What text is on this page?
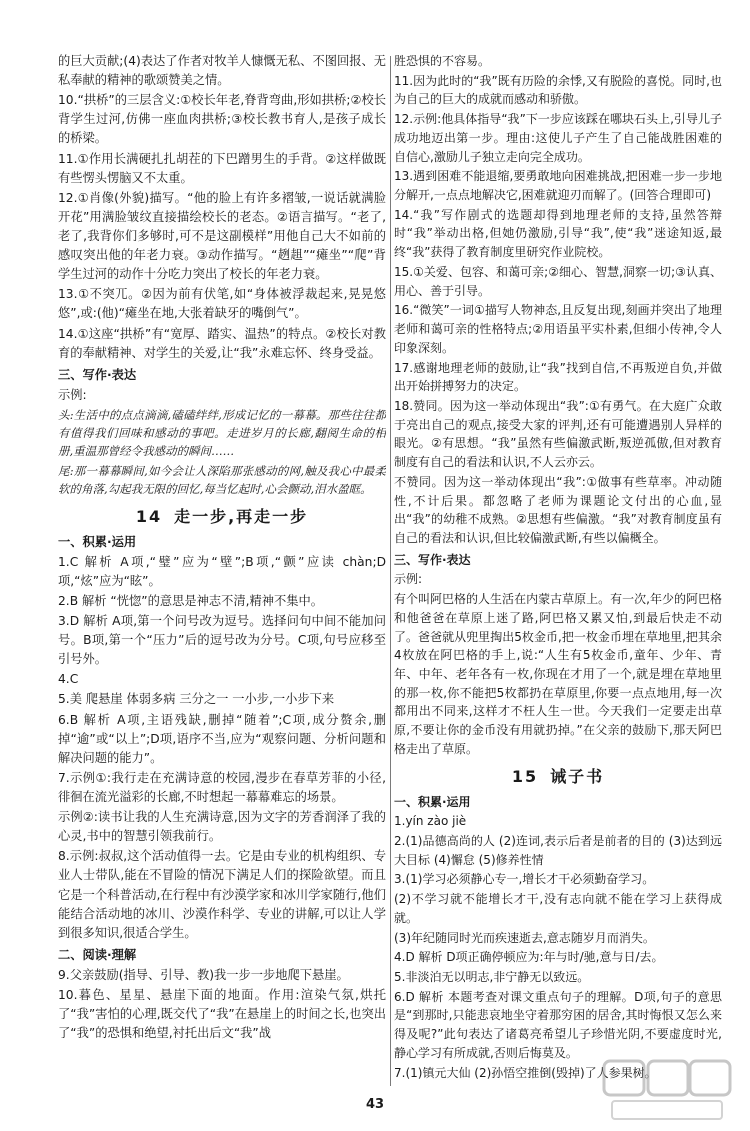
的巨大贡献;(4)表达了作者对牧羊人慷慨无私、不图回报、无私奉献的精神的歌颂赞美之情。

10.“拱桥”的三层含义:①校长年老,脊背弯曲,形如拱桥;②校长背学生过河,仿佛一座血肉拱桥;③校长教书育人,是孩子成长的桥梁。

11.①作用长满硬扎扎胡茬的下巴蹭男生的手背。②这样做既有些愣头愣脑又不太重。

12.①肖像(外貌)描写。“他的脸上有许多褶皱,一说话就满脸开花”用满脸皱纹直接描绘校长的老态。②语言描写。“老了,老了,我背你们多够时,可不是这副模样”用他自己大不如前的感叹突出他的年老力衰。③动作描写。“趔趄”“瘫坐”“爬”背学生过河的动作十分吃力突出了校长的年老力衰。

13.①不突兀。②因为前有伏笔,如“身体被浮裁起来,晃晃悠悠”,或:(他)“瘫坐在地,大张着缺牙的嘴倒气”。

14.①这座“拱桥”有“宽厚、踏实、温热”的特点。②校长对教育的奉献精神、对学生的关爱,让“我”永难忘怀、终身受益。

三、写作·表达

示例:

头:生活中的点点滴滴,磕磕绊绊,形成记忆的一幕幕。那些往往都有值得我们回味和感动的事吧。走进岁月的长廊,翻阅生命的相册,重温那曾经令我感动的瞬间……

尾:那一幕幕瞬间,如今会让人深陷那张感动的网,触及我心中最柔软的角落,勾起我无限的回忆,每当忆起时,心会颤动,泪水盈眶。

14 走一步,再走一步

一、积累·运用

1.C 解析 A项,“璧”应为“壁”;B项,“颤”应读 chàn;D项,“炫”应为“眩”。

2.B 解析 “恍惚”的意思是神志不清,精神不集中。

3.D 解析 A项,第一个问号改为逗号。选择问句中间不能加问号。B项,第一个“压力”后的逗号改为分号。C项,句号应移至引号外。

4.C

5.美 爬悬崖 体弱多病 三分之一 一小步,一小步下来

6.B 解析 A项,主语残缺,删掉“随着”;C项,成分赘余,删掉“逾”或“以上”;D项,语序不当,应为“观察问题、分析问题和解决问题的能力”。

7.示例①:我行走在充满诗意的校园,漫步在春草芳菲的小径,徘徊在流光溢彩的长廊,不时想起一幕幕难忘的场景。

示例②:读书让我的人生充满诗意,因为文字的芳香润泽了我的心灵,书中的智慧引领我前行。

8.示例:叔叔,这个活动值得一去。它是由专业的机构组织、专业人士带队,能在不冒险的情况下满足人们的探险欲望。而且它是一个科普活动,在行程中有沙漠学家和冰川学家随行,他们能结合活动地的冰川、沙漠作科学、专业的讲解,可以让人学到很多知识,很适合学生。

二、阅读·理解

9.父亲鼓励(指导、引导、教)我一步一步地爬下悬崖。

10.暮色、星星、悬崖下面的地面。作用:渲染气氛,烘托了“我”害怕的心理,既交代了“我”在悬崖上的时间之长,也突出了“我”的恐惧和绝望,衬托出后文“我”战

胜恐惧的不容易。

11.因为此时的“我”既有历险的余悸,又有脱险的喜悦。同时,也为自己的巨大的成就而感动和骄傲。

12.示例:他具体指导“我”下一步应该踩在哪块石头上,引导儿子成功地迈出第一步。理由:这使儿子产生了自己能战胜困难的自信心,激励儿子独立走向完全成功。

13.遇到困难不能退缩,要勇敢地向困难挑战,把困难一步一步地分解开,一点点地解决它,困难就迎刃而解了。(回答合理即可)

14.“我”写作剧式的选题却得到地理老师的支持,虽然答辩时“我”举动出格,但她仍激励,引导“我”,使“我”迷途知返,最终“我”获得了教育制度里研究作业院校。

15.①关爱、包容、和蔼可亲;②细心、智慧,洞察一切;③认真、用心、善于引导。

16.“微笑”一词①描写人物神态,且反复出现,刻画并突出了地理老师和蔼可亲的性格特点;②用语虽平实朴素,但细小传神,令人印象深刻。

17.感谢地理老师的鼓励,让“我”找到自信,不再叛逆自负,并做出开始拼搏努力的决定。

18.赞同。因为这一举动体现出“我”:①有勇气。在大庭广众敢于亮出自己的观点,接受大家的评判,还有可能遭遇别人异样的眼光。②有思想。“我”虽然有些偏激武断,叛逆孤傲,但对教育制度有自己的看法和认识,不人云亦云。

不赞同。因为这一举动体现出“我”:①做事有些草率。冲动随性,不计后果。都忽略了老师为课题论文付出的心血,显出“我”的幼稚不成熟。②思想有些偏激。“我”对教育制度虽有自己的看法和认识,但比较偏激武断,有些以偏概全。

三、写作·表达

示例:

有个叫阿巴格的人生活在内蒙古草原上。有一次,年少的阿巴格和他爸爸在草原上迷了路,阿巴格又累又怕,到最后快走不动了。爸爸就从兜里掏出5枚金币,把一枚金币埋在草地里,把其余4枚放在阿巴格的手上,说:“人生有5枚金币,童年、少年、青年、中年、老年各有一枚,你现在才用了一个,就是埋在草地里的那一枚,你不能把5枚都扔在草原里,你要一点点地用,每一次都用出不同来,这样才不枉人生一世。今天我们一定要走出草原,不要让你的金币没有用就扔掉。”在父亲的鼓励下,那天阿巴格走出了草原。

15 诫子书

一、积累·运用

1.yín zào jiè

2.(1)品德高尚的人 (2)连词,表示后者是前者的目的 (3)达到远大目标 (4)懈怠 (5)修养性情

3.(1)学习必须静心专一,增长才干必须勤奋学习。

(2)不学习就不能增长才干,没有志向就不能在学习上获得成就。

(3)年纪随同时光而疾速逝去,意志随岁月而消失。

4.D 解析 D项正确停顿应为:年与时/驰,意与日/去。

5.非淡泊无以明志,非宁静无以致远。

6.D 解析 本题考查对课文重点句子的理解。D项,句子的意思是“到那时,只能悲哀地坐守着那穷困的居舍,其时悔恨又怎么来得及呢?”此句表达了诸葛亮希望儿子珍惜光阴,不要虚度时光,静心学习有所成就,否则后悔莫及。

7.(1)镇元大仙 (2)孙悟空推倒(毁掉)了人参果树。

43
